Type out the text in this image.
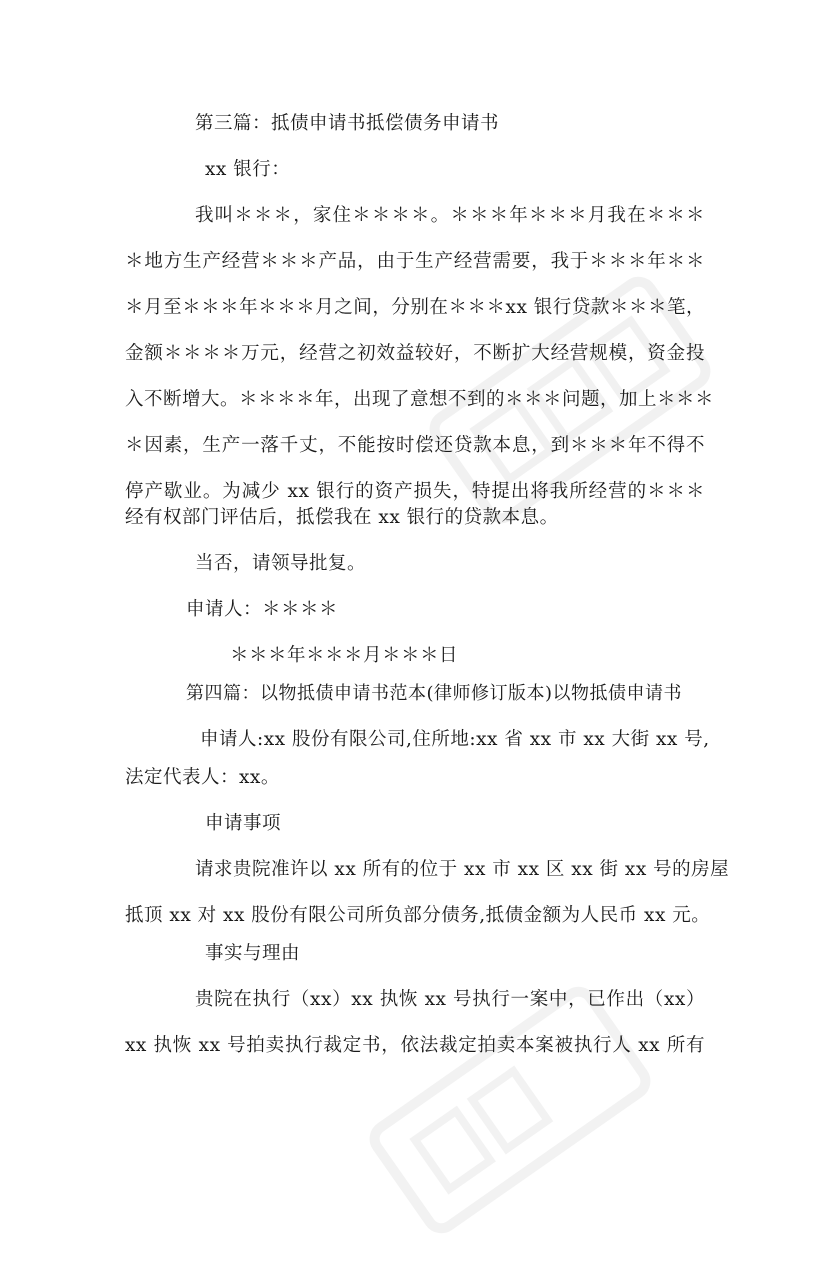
第三篇：抵债申请书抵偿债务申请书
xx 银行：
我叫＊＊＊，家住＊＊＊＊。＊＊＊年＊＊＊月我在＊＊＊
＊地方生产经营＊＊＊产品，由于生产经营需要，我于＊＊＊年＊＊
＊月至＊＊＊年＊＊＊月之间，分别在＊＊＊xx 银行贷款＊＊＊笔，
金额＊＊＊＊万元，经营之初效益较好，不断扩大经营规模，资金投
入不断增大。＊＊＊＊年，出现了意想不到的＊＊＊问题，加上＊＊＊
＊因素，生产一落千丈，不能按时偿还贷款本息，到＊＊＊年不得不
停产歇业。为减少 xx 银行的资产损失，特提出将我所经营的＊＊＊
经有权部门评估后，抵偿我在 xx 银行的贷款本息。
当否，请领导批复。
申请人：＊＊＊＊
＊＊＊年＊＊＊月＊＊＊日
第四篇：以物抵债申请书范本(律师修订版本)以物抵债申请书
申请人:xx 股份有限公司,住所地:xx 省 xx 市 xx 大街 xx 号,
法定代表人：xx。
申请事项
请求贵院准许以 xx 所有的位于 xx 市 xx 区 xx 街 xx 号的房屋
抵顶 xx 对 xx 股份有限公司所负部分债务,抵债金额为人民币 xx 元。
事实与理由
贵院在执行（xx）xx 执恢 xx 号执行一案中，已作出（xx）
xx 执恢 xx 号拍卖执行裁定书，依法裁定拍卖本案被执行人 xx 所有
